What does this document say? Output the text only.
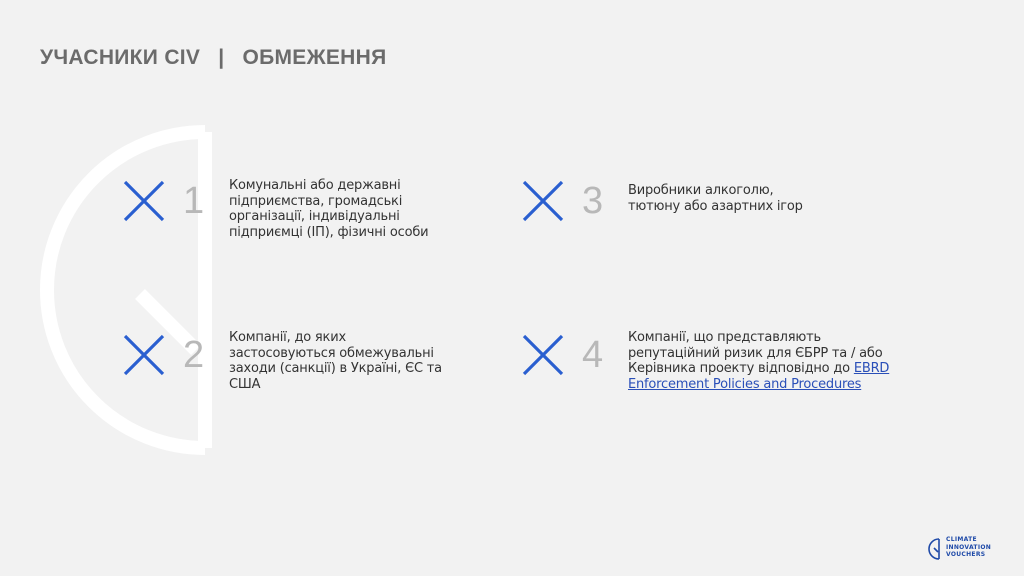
УЧАСНИКИ CIV | ОБМЕЖЕННЯ
1 Комунальні або державні підприємства, громадські організації, індивідуальні підприємці (ІП), фізичні особи
2 Компанії, до яких застосовуються обмежувальні заходи (санкції) в Україні, ЄС та США
3 Виробники алкоголю, тютюну або азартних ігор
4 Компанії, що представляють репутаційний ризик для ЄБРР та / або Керівника проекту відповідно до EBRD Enforcement Policies and Procedures
CLIMATE
INNOVATION
VOUCHERS
